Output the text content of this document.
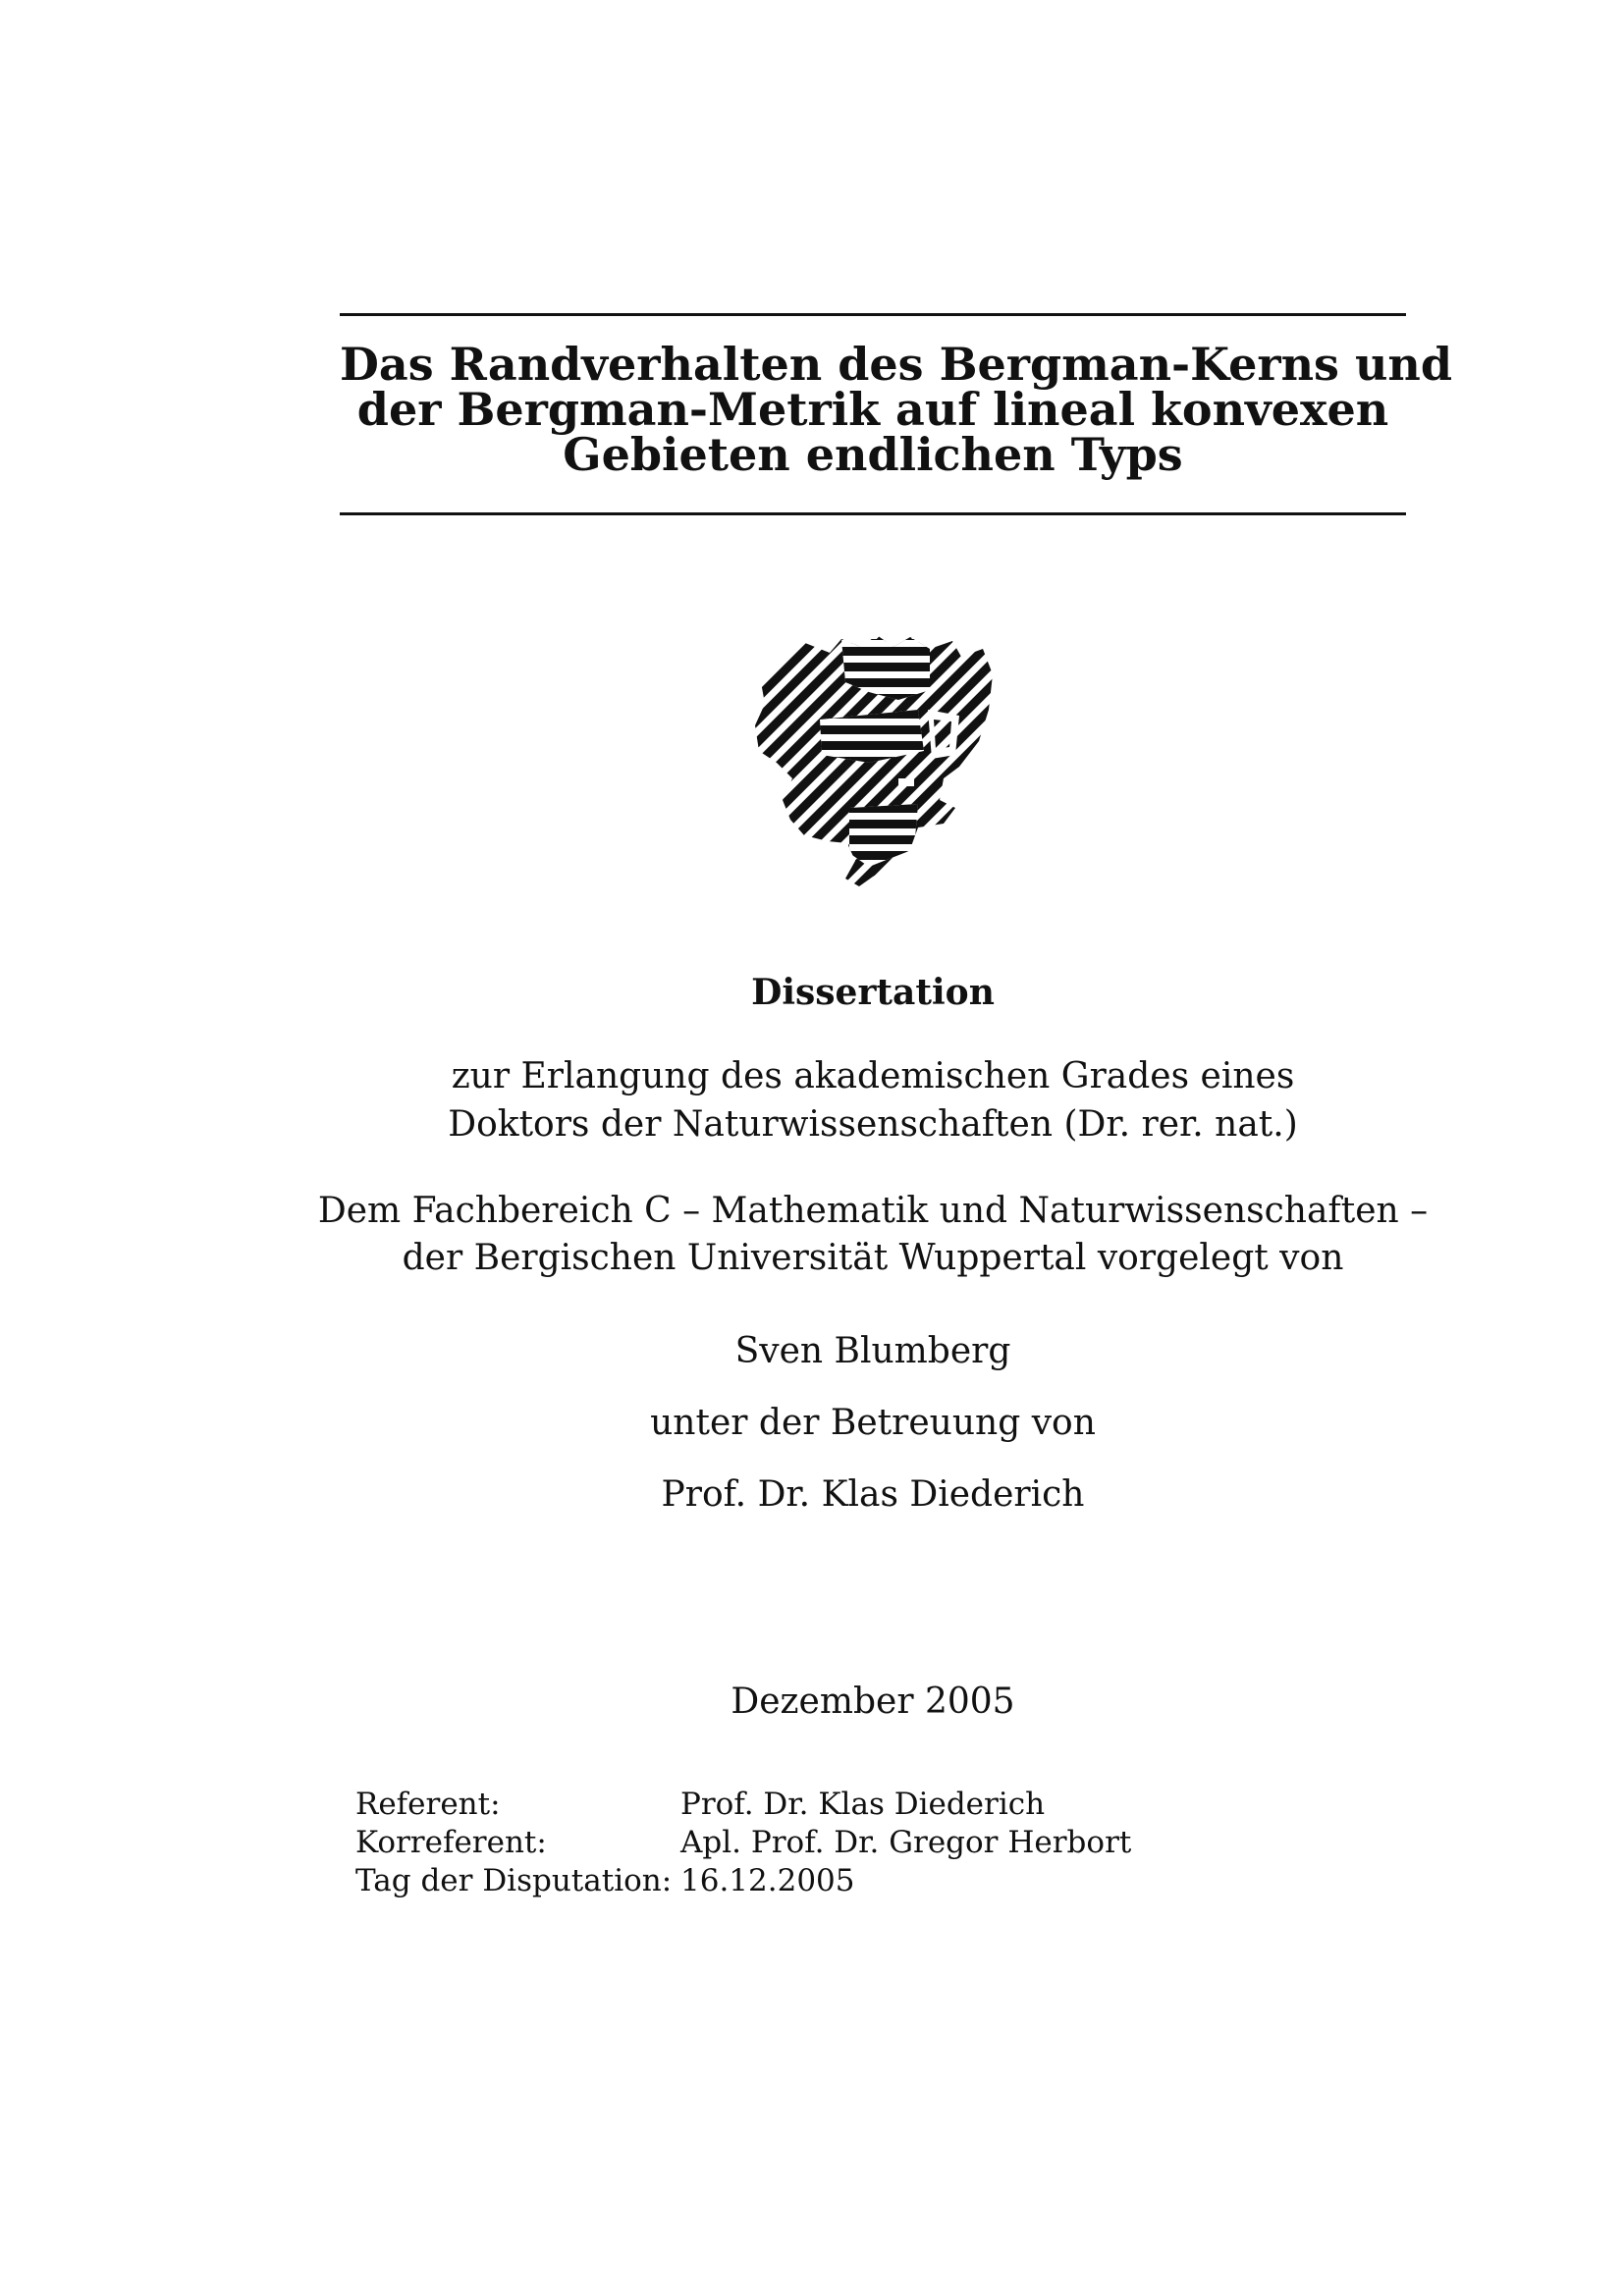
Das Randverhalten des Bergman-Kerns und
der Bergman-Metrik auf lineal konvexen
Gebieten endlichen Typs
Dissertation
zur Erlangung des akademischen Grades eines
Doktors der Naturwissenschaften (Dr. rer. nat.)
Dem Fachbereich C – Mathematik und Naturwissenschaften –
der Bergischen Universität Wuppertal vorgelegt von
Sven Blumberg
unter der Betreuung von
Prof. Dr. Klas Diederich
Dezember 2005
Referent:	Prof. Dr. Klas Diederich
Korreferent:	Apl. Prof. Dr. Gregor Herbort
Tag der Disputation: 16.12.2005
